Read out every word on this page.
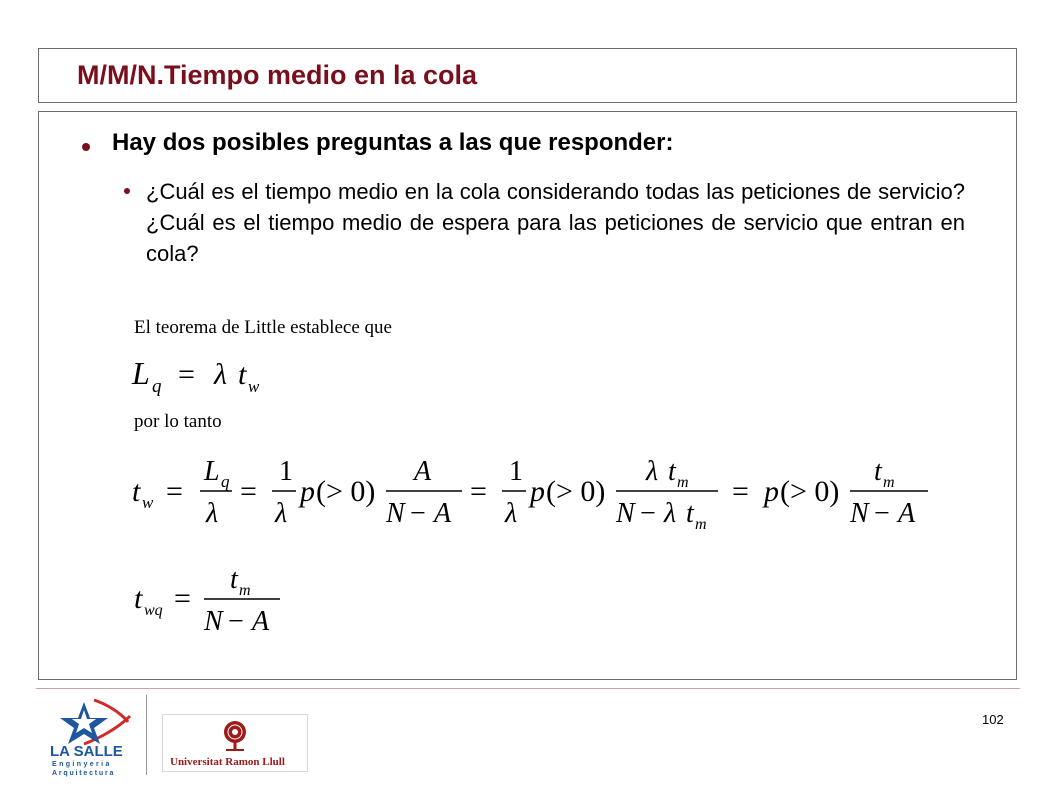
M/M/N.Tiempo medio en la cola
Hay dos posibles preguntas a las que responder:
¿Cuál es el tiempo medio en la cola considerando todas las peticiones de servicio? ¿Cuál es el tiempo medio de espera para las peticiones de servicio que entran en cola?
El teorema de Little establece que
L q = λ t w
por lo tanto
t w =
L q
λ
=
1
λ
p (> 0)
A
N − A
=
1
λ
p (> 0)
λ t m
N − λ t m
= p (> 0)
t m
N − A
t wq =
t m
N − A
102
LA SALLE
Enginyeria
Arquitectura
Universitat Ramon Llull
